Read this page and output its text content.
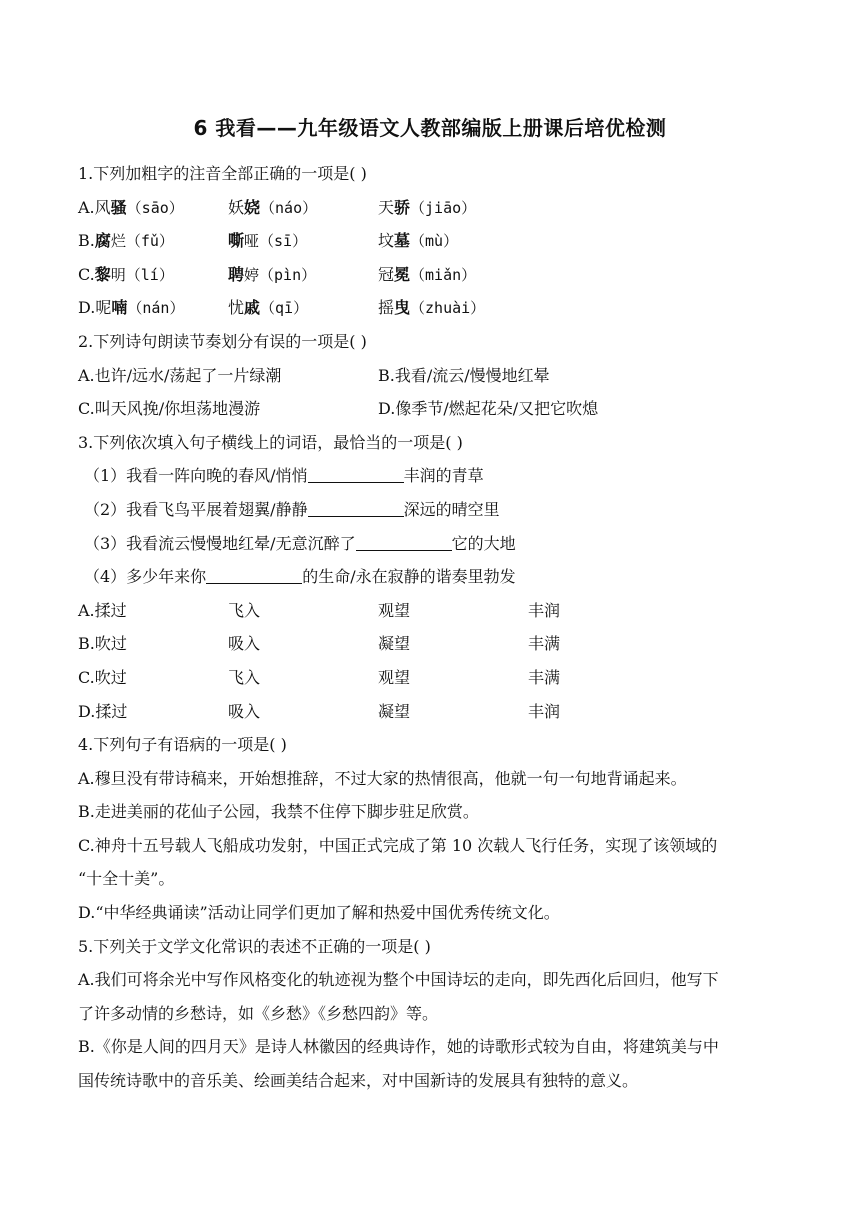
6 我看——九年级语文人教部编版上册课后培优检测
1.下列加粗字的注音全部正确的一项是( )
A.风骚（sāo）	妖娆（náo）	天骄（jiāo）
B.腐烂（fǔ）	嘶哑（sī）	坟墓（mù）
C.黎明（lí）	聘婷（pìn）	冠冕（miǎn）
D.呢喃（nán）	忧戚（qī）	摇曳（zhuài）
2.下列诗句朗读节奏划分有误的一项是( )
A.也许/远水/荡起了一片绿潮	B.我看/流云/慢慢地红晕
C.叫天风挽/你坦荡地漫游	D.像季节/燃起花朵/又把它吹熄
3.下列依次填入句子横线上的词语，最恰当的一项是( )
（1）我看一阵向晚的春风/悄悄	丰润的青草
（2）我看飞鸟平展着翅翼/静静	深远的晴空里
（3）我看流云慢慢地红晕/无意沉醉了	它的大地
（4）多少年来你	的生命/永在寂静的谐奏里勃发
A.揉过	飞入	观望	丰润
B.吹过	吸入	凝望	丰满
C.吹过	飞入	观望	丰满
D.揉过	吸入	凝望	丰润
4.下列句子有语病的一项是( )
A.穆旦没有带诗稿来，开始想推辞，不过大家的热情很高，他就一句一句地背诵起来。
B.走进美丽的花仙子公园，我禁不住停下脚步驻足欣赏。
C.神舟十五号载人飞船成功发射，中国正式完成了第 10 次载人飞行任务，实现了该领域的
“十全十美”。
D.“中华经典诵读”活动让同学们更加了解和热爱中国优秀传统文化。
5.下列关于文学文化常识的表述不正确的一项是( )
A.我们可将余光中写作风格变化的轨迹视为整个中国诗坛的走向，即先西化后回归，他写下
了许多动情的乡愁诗，如《乡愁》《乡愁四韵》等。
B.《你是人间的四月天》是诗人林徽因的经典诗作，她的诗歌形式较为自由，将建筑美与中
国传统诗歌中的音乐美、绘画美结合起来，对中国新诗的发展具有独特的意义。
